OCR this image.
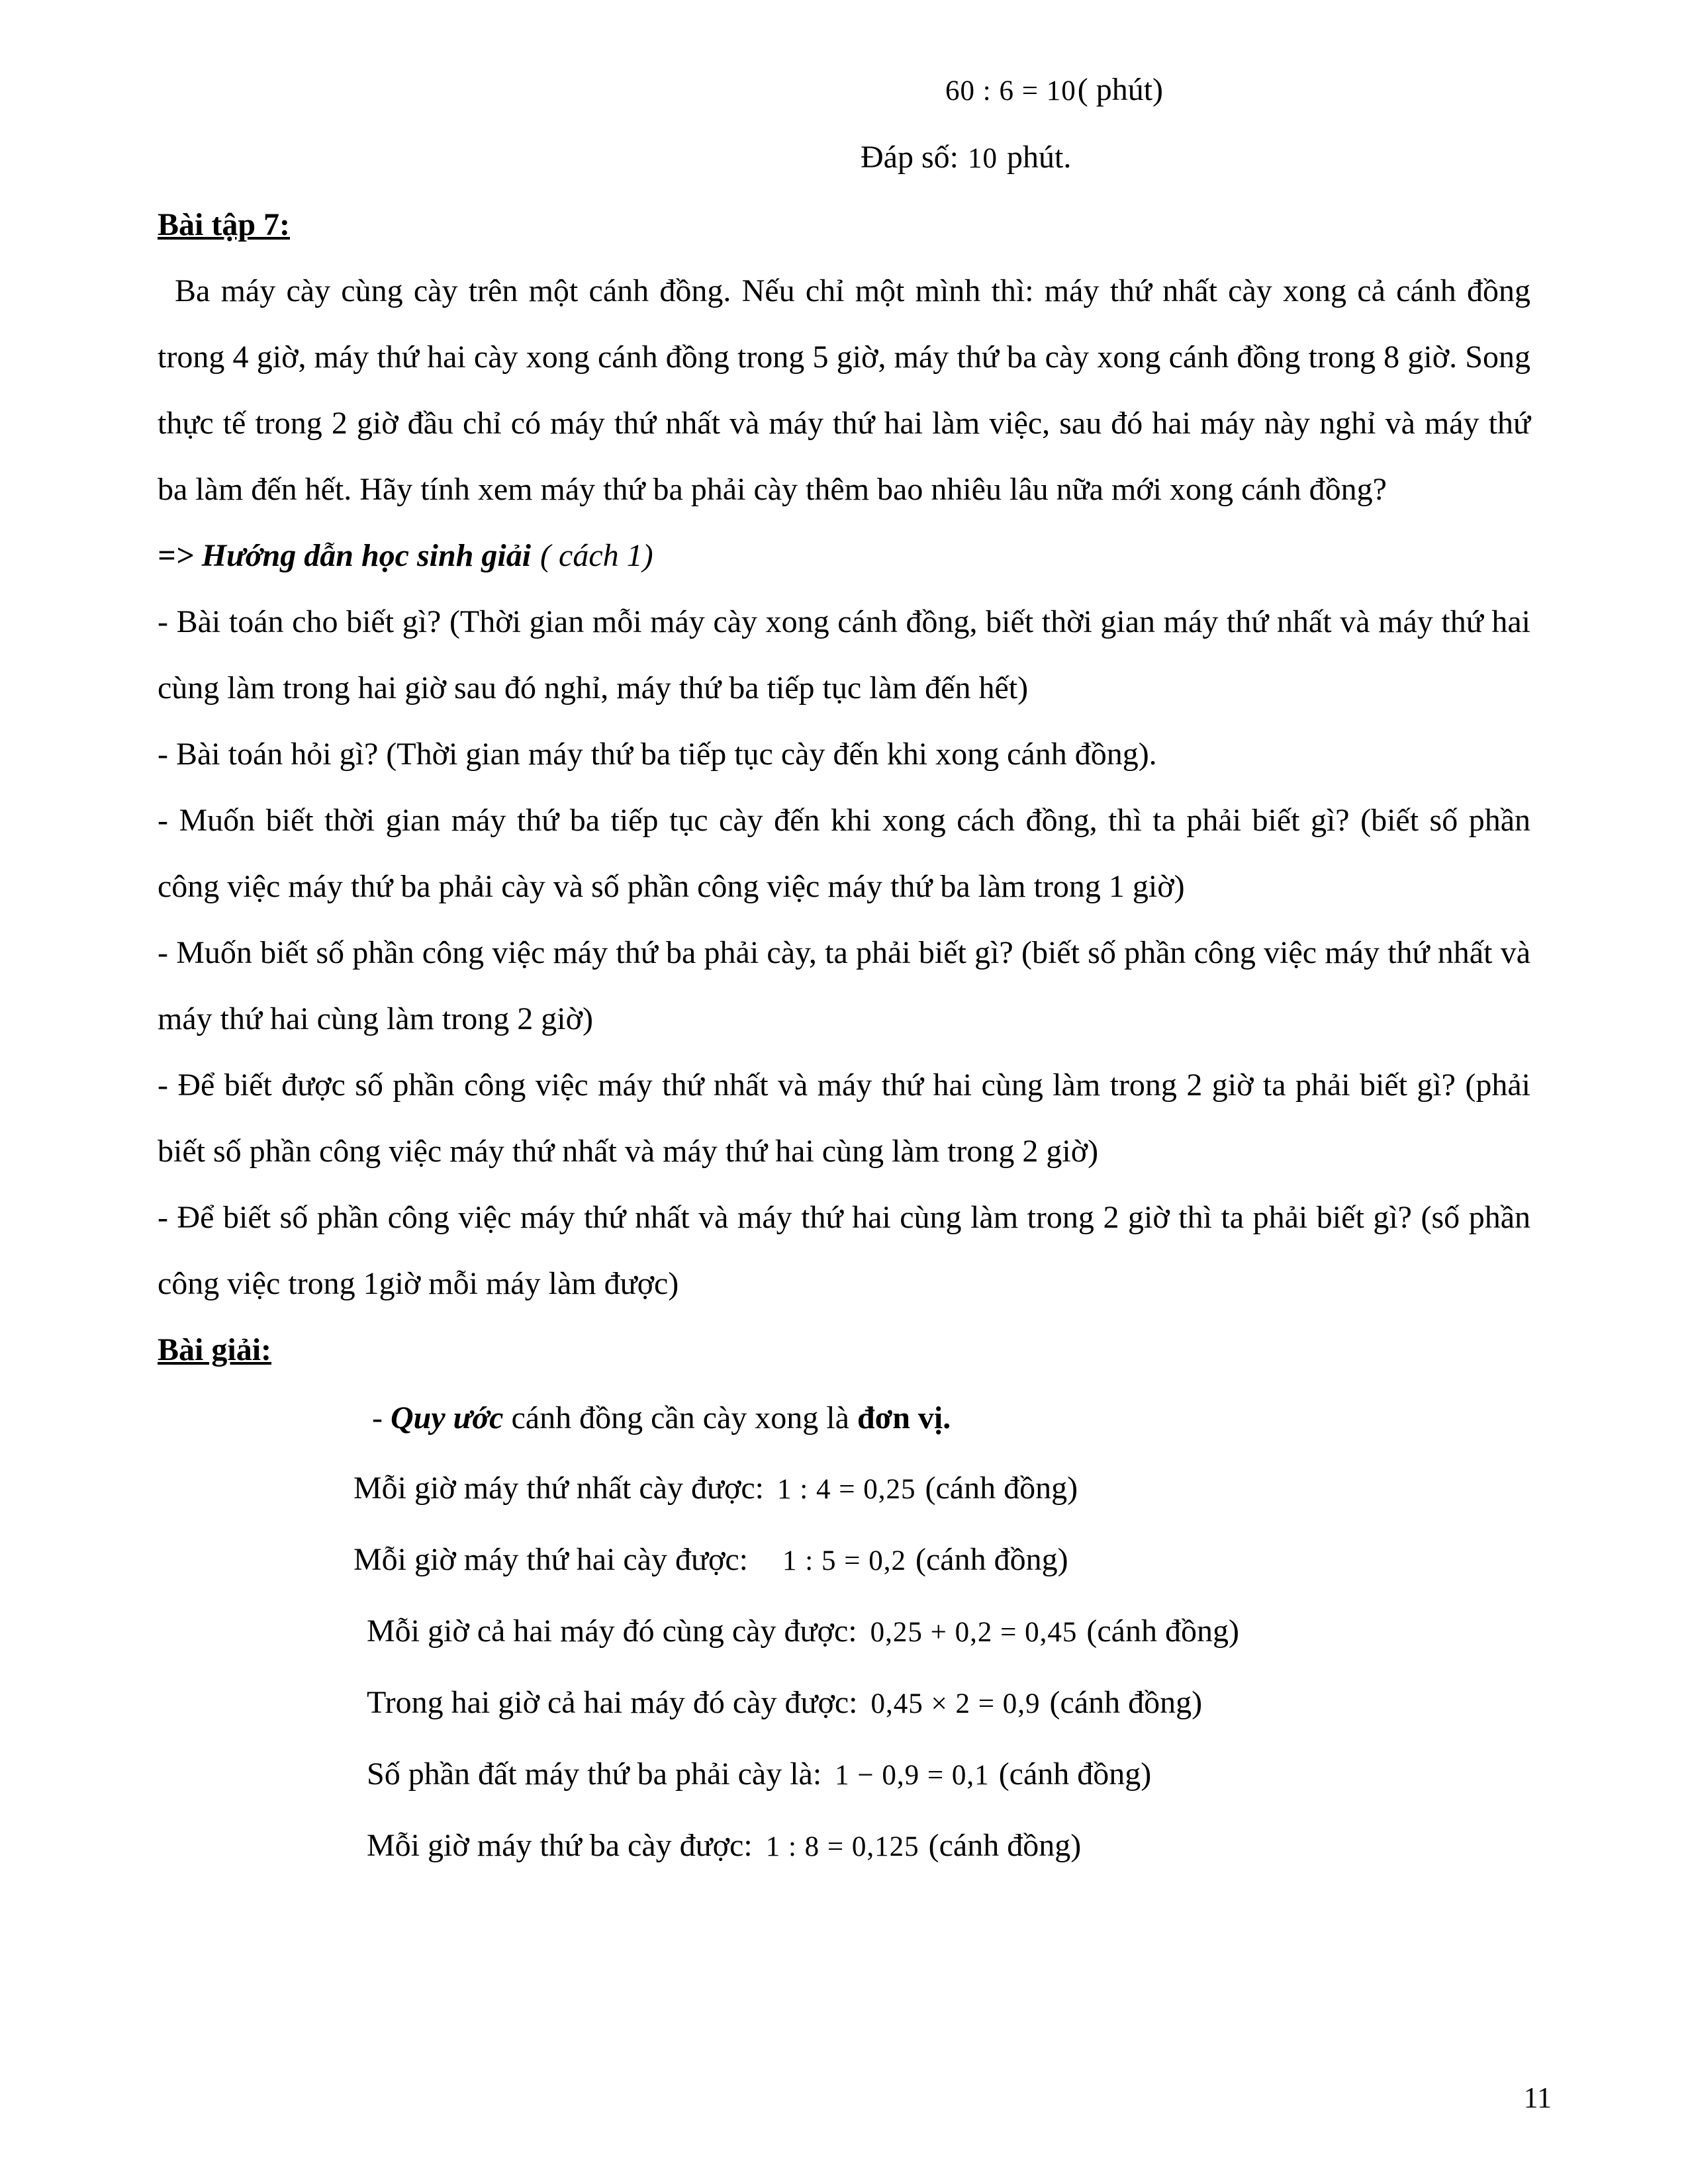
60 : 6 = 10( phút)
Đáp số: 10 phút.

Bài tập 7:

Ba máy cày cùng cày trên một cánh đồng. Nếu chỉ một mình thì: máy thứ nhất cày xong cả cánh đồng trong 4 giờ, máy thứ hai cày xong cánh đồng trong 5 giờ, máy thứ ba cày xong cánh đồng trong 8 giờ. Song thực tế trong 2 giờ đầu chỉ có máy thứ nhất và máy thứ hai làm việc, sau đó hai máy này nghỉ và máy thứ ba làm đến hết. Hãy tính xem máy thứ ba phải cày thêm bao nhiêu lâu nữa mới xong cánh đồng?

=> Hướng dẫn học sinh giải ( cách 1)

- Bài toán cho biết gì? (Thời gian mỗi máy cày xong cánh đồng, biết thời gian máy thứ nhất và máy thứ hai cùng làm trong hai giờ sau đó nghỉ, máy thứ ba tiếp tục làm đến hết)

- Bài toán hỏi gì? (Thời gian máy thứ ba tiếp tục cày đến khi xong cánh đồng).

- Muốn biết thời gian máy thứ ba tiếp tục cày đến khi xong cách đồng, thì ta phải biết gì? (biết số phần công việc máy thứ ba phải cày và số phần công việc máy thứ ba làm trong 1 giờ)

- Muốn biết số phần công việc máy thứ ba phải cày, ta phải biết gì? (biết số phần công việc máy thứ nhất và máy thứ hai cùng làm trong 2 giờ)

- Để biết được số phần công việc máy thứ nhất và máy thứ hai cùng làm trong 2 giờ ta phải biết gì? (phải biết số phần công việc máy thứ nhất và máy thứ hai cùng làm trong 2 giờ)

- Để biết số phần công việc máy thứ nhất và máy thứ hai cùng làm trong 2 giờ thì ta phải biết gì? (số phần công việc trong 1giờ mỗi máy làm được)

Bài giải:

- Quy ước cánh đồng cần cày xong là đơn vị.
Mỗi giờ máy thứ nhất cày được: 1 : 4 = 0,25 (cánh đồng)
Mỗi giờ máy thứ hai cày được: 1 : 5 = 0,2 (cánh đồng)
Mỗi giờ cả hai máy đó cùng cày được: 0,25 + 0,2 = 0,45 (cánh đồng)
Trong hai giờ cả hai máy đó cày được: 0,45 × 2 = 0,9 (cánh đồng)
Số phần đất máy thứ ba phải cày là: 1 − 0,9 = 0,1 (cánh đồng)
Mỗi giờ máy thứ ba cày được: 1 : 8 = 0,125 (cánh đồng)
11
